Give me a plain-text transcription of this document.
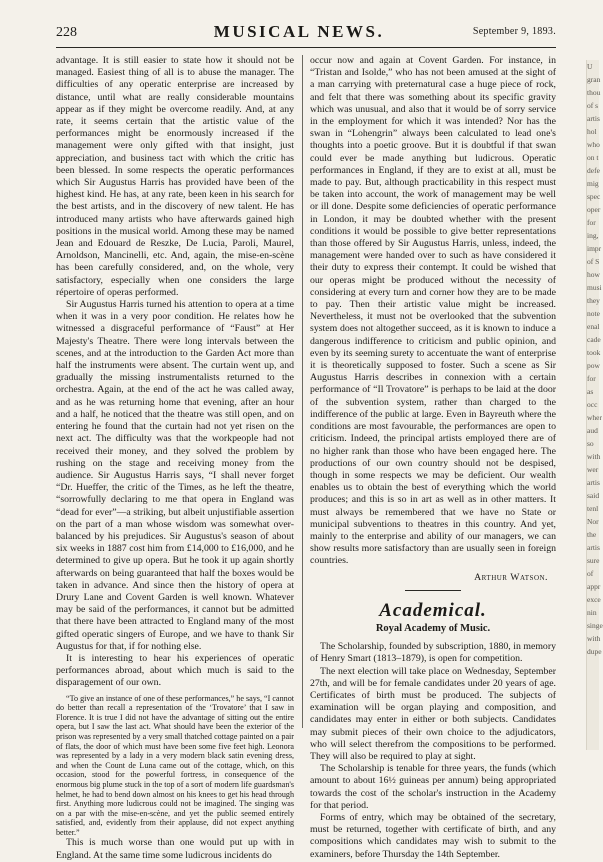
228	MUSICAL NEWS.	September 9, 1893.

advantage. It is still easier to state how it should not be managed. Easiest thing of all is to abuse the manager. The difficulties of any operatic enterprise are increased by distance, until what are really considerable mountains appear as if they might be overcome readily. And, at any rate, it seems certain that the artistic value of the performances might be enormously increased if the management were only gifted with that insight, just appreciation, and business tact with which the critic has been blessed. In some respects the operatic performances which Sir Augustus Harris has provided have been of the highest kind. He has, at any rate, been keen in his search for the best artists, and in the discovery of new talent. He has introduced many artists who have afterwards gained high positions in the musical world. Among these may be named Jean and Edouard de Reszke, De Lucia, Paroli, Maurel, Arnoldson, Mancinelli, etc. And, again, the mise-en-scène has been carefully considered, and, on the whole, very satisfactory, especially when one considers the large répertoire of operas performed.

Sir Augustus Harris turned his attention to opera at a time when it was in a very poor condition. He relates how he witnessed a disgraceful performance of “Faust” at Her Majesty's Theatre. There were long intervals between the scenes, and at the introduction to the Garden Act more than half the instruments were absent. The curtain went up, and gradually the missing instrumentalists returned to the orchestra. Again, at the end of the act he was called away, and as he was returning home that evening, after an hour and a half, he noticed that the theatre was still open, and on entering he found that the curtain had not yet risen on the next act. The difficulty was that the workpeople had not received their money, and they solved the problem by rushing on the stage and receiving money from the audience. Sir Augustus Harris says, “I shall never forget “Dr. Hueffer, the critic of the Times, as he left the theatre, “sorrowfully declaring to me that opera in England was “dead for ever”—a striking, but albeit unjustifiable assertion on the part of a man whose wisdom was somewhat over-balanced by his prejudices. Sir Augustus's season of about six weeks in 1887 cost him from £14,000 to £16,000, and he determined to give up opera. But he took it up again shortly afterwards on being guaranteed that half the boxes would be taken in advance. And since then the history of opera at Drury Lane and Covent Garden is well known. Whatever may be said of the performances, it cannot but be admitted that there have been attracted to England many of the most gifted operatic singers of Europe, and we have to thank Sir Augustus for that, if for nothing else.

It is interesting to hear his experiences of operatic performances abroad, about which much is said to the disparagement of our own.

“To give an instance of one of these performances,” he says, “I cannot do better than recall a representation of the ‘Trovatore’ that I saw in Florence. It is true I did not have the advantage of sitting out the entire opera, but I saw the last act. What should have been the exterior of the prison was represented by a very small thatched cottage painted on a pair of flats, the door of which must have been some five feet high. Leonora was represented by a lady in a very modern black satin evening dress, and when the Count de Luna came out of the cottage, which, on this occasion, stood for the powerful fortress, in consequence of the enormous big plume stuck in the top of a sort of modern life guardsman's helmet, he had to bend down almost on his knees to get his head through first. Anything more ludicrous could not be imagined. The singing was on a par with the mise-en-scène, and yet the public seemed entirely satisfied, and, evidently from their applause, did not expect anything better.”

This is much worse than one would put up with in England. At the same time some ludicrous incidents do

occur now and again at Covent Garden. For instance, in “Tristan and Isolde,” who has not been amused at the sight of a man carrying with preternatural case a huge piece of rock, and felt that there was something about its specific gravity which was unusual, and also that it would be of sorry service in the employment for which it was intended? Nor has the swan in “Lohengrin” always been calculated to lead one's thoughts into a poetic groove. But it is doubtful if that swan could ever be made anything but ludicrous. Operatic performances in England, if they are to exist at all, must be made to pay. But, although practicability in this respect must be taken into account, the work of management may be well or ill done. Despite some deficiencies of operatic performance in London, it may be doubted whether with the present conditions it would be possible to give better representations than those offered by Sir Augustus Harris, unless, indeed, the management were handed over to such as have considered it their duty to express their contempt. It could be wished that our operas might be produced without the necessity of considering at every turn and corner how they are to be made to pay. Then their artistic value might be increased. Nevertheless, it must not be overlooked that the subvention system does not altogether succeed, as it is known to induce a dangerous indifference to criticism and public opinion, and even by its seeming surety to accentuate the want of enterprise it is theoretically supposed to foster. Such a scene as Sir Augustus Harris describes in connexion with a certain performance of “Il Trovatore” is perhaps to be laid at the door of the subvention system, rather than charged to the indifference of the public at large. Even in Bayreuth where the conditions are most favourable, the performances are open to criticism. Indeed, the principal artists employed there are of no higher rank than those who have been engaged here. The productions of our own country should not be despised, though in some respects we may be deficient. Our wealth enables us to obtain the best of everything which the world produces; and this is so in art as well as in other matters. It must always be remembered that we have no State or municipal subventions to theatres in this country. And yet, mainly to the enterprise and ability of our managers, we can show results more satisfactory than are usually seen in foreign countries.

Arthur Watson.
Academical.
Royal Academy of Music.

The Scholarship, founded by subscription, 1880, in memory of Henry Smart (1813–1879), is open for competition.

The next election will take place on Wednesday, September 27th, and will be for female candidates under 20 years of age. Certificates of birth must be produced. The subjects of examination will be organ playing and composition, and candidates may enter in either or both subjects. Candidates may submit pieces of their own choice to the adjudicators, who will select therefrom the compositions to be performed. They will also be required to play at sight.

The Scholarship is tenable for three years, the funds (which amount to about 16½ guineas per annum) being appropriated towards the cost of the scholar's instruction in the Academy for that period.

Forms of entry, which may be obtained of the secretary, must be returned, together with certificate of birth, and any compositions which candidates may wish to submit to the examiners, before Thursday the 14th September.

U
gran
thou
of s
artis
hol
who
on t
defe
mig
spec
oper
for
ing,
impr
of S
how
musi
they
note
enal
cade
took
pow
for
as
occ
wher
aud
so
with
wer
artis
said
tenl
Nor
the
artis
sure
of
appr
exce
nin
singe
with
dupe
